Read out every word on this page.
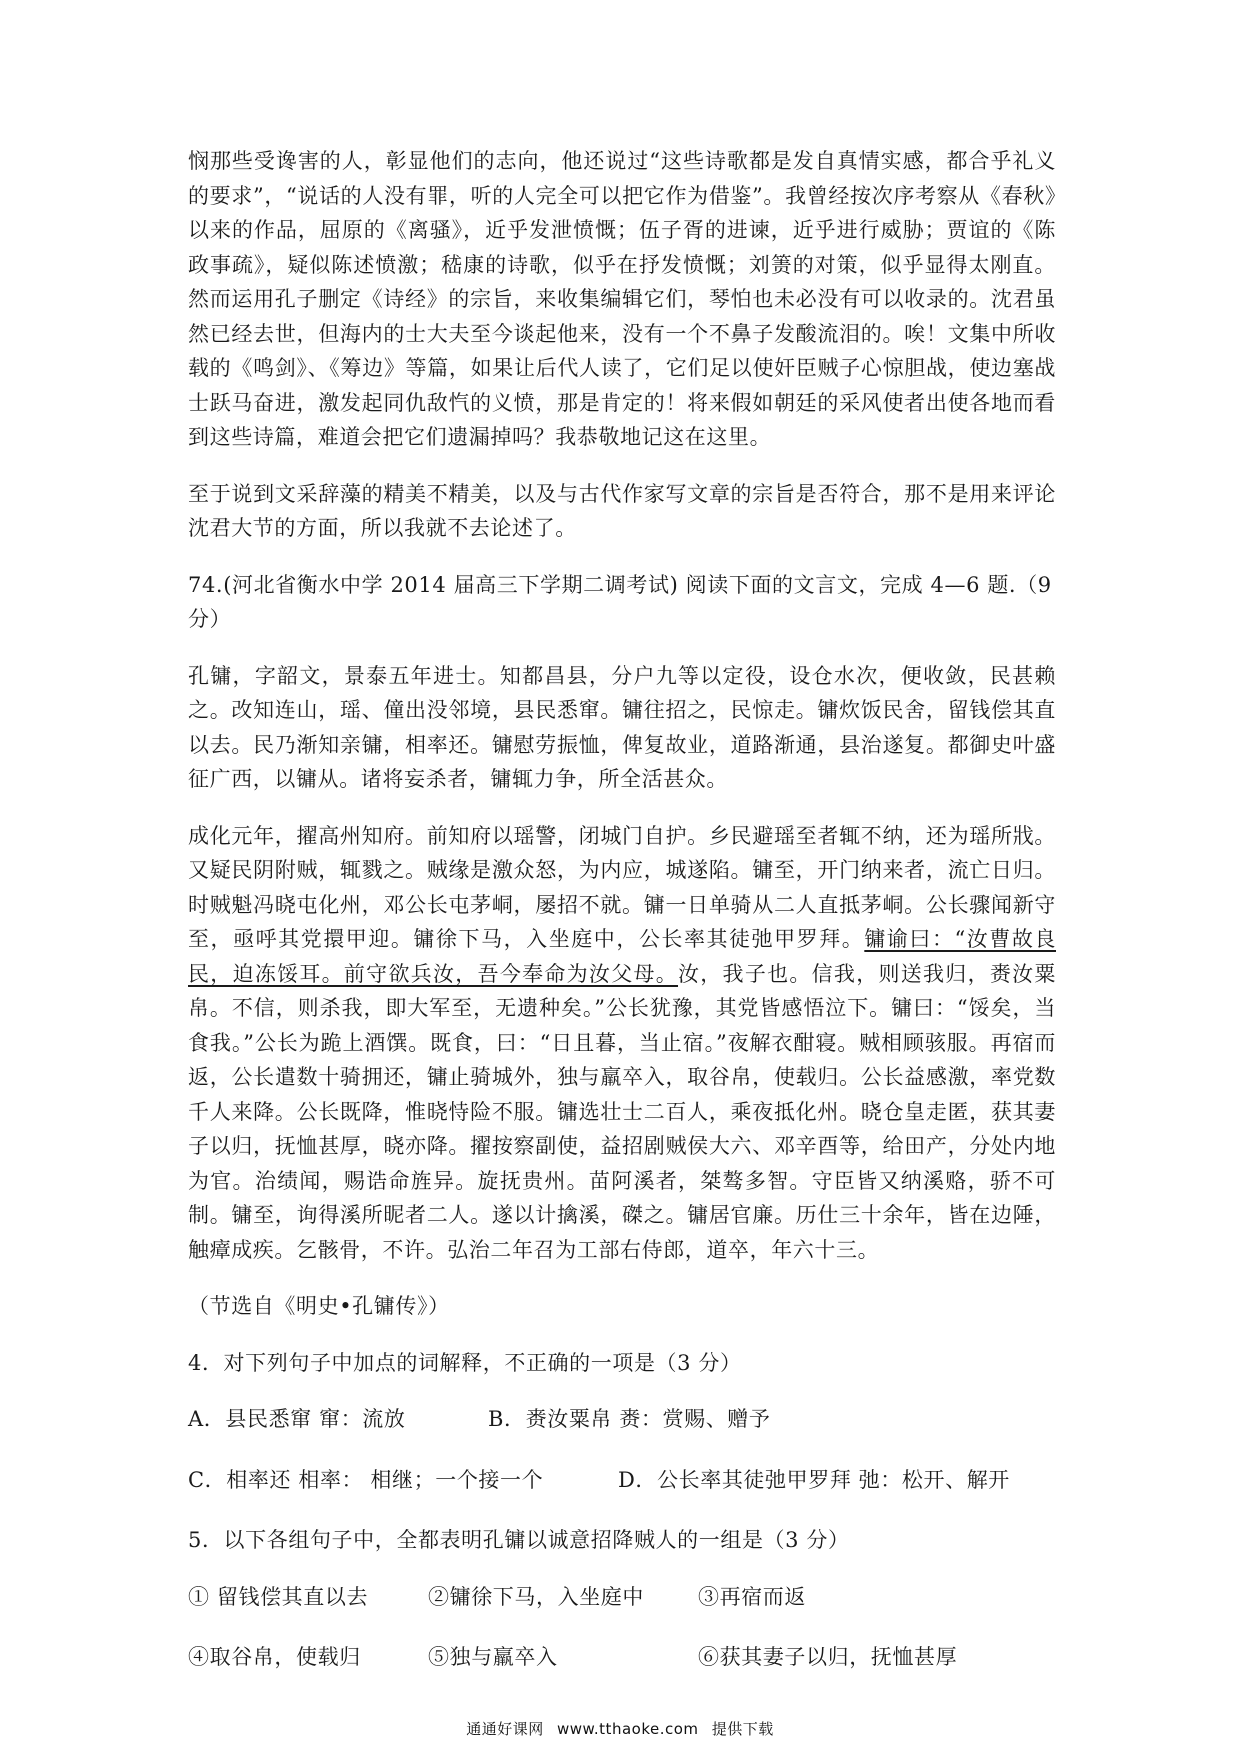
悯那些受谗害的人，彰显他们的志向，他还说过“这些诗歌都是发自真情实感，都合乎礼义的要求”，“说话的人没有罪，听的人完全可以把它作为借鉴”。我曾经按次序考察从《春秋》以来的作品，屈原的《离骚》，近乎发泄愤慨；伍子胥的进谏，近乎进行威胁；贾谊的《陈政事疏》，疑似陈述愤激；嵇康的诗歌，似乎在抒发愤慨；刘箦的对策，似乎显得太刚直。然而运用孔子删定《诗经》的宗旨，来收集编辑它们，琴怕也未必没有可以收录的。沈君虽然已经去世，但海内的士大夫至今谈起他来，没有一个不鼻子发酸流泪的。唉！文集中所收载的《鸣剑》、《筹边》等篇，如果让后代人读了，它们足以使奸臣贼子心惊胆战，使边塞战士跃马奋进，激发起同仇敌忾的义愤，那是肯定的！将来假如朝廷的采风使者出使各地而看到这些诗篇，难道会把它们遗漏掉吗？我恭敬地记这在这里。

至于说到文采辞藻的精美不精美，以及与古代作家写文章的宗旨是否符合，那不是用来评论沈君大节的方面，所以我就不去论述了。

74.(河北省衡水中学 2014 届高三下学期二调考试) 阅读下面的文言文，完成 4—6 题.（9 分）

孔镛，字韶文，景泰五年进士。知都昌县，分户九等以定役，设仓水次，便收敛，民甚赖之。改知连山，瑶、僮出没邻境，县民悉窜。镛往招之，民惊走。镛炊饭民舍，留钱偿其直以去。民乃渐知亲镛，相率还。镛慰劳振恤，俾复故业，道路渐通，县治遂复。都御史叶盛征广西，以镛从。诸将妄杀者，镛辄力争，所全活甚众。

成化元年，擢高州知府。前知府以瑶警，闭城门自护。乡民避瑶至者辄不纳，还为瑶所戕。又疑民阴附贼，辄戮之。贼缘是激众怒，为内应，城遂陷。镛至，开门纳来者，流亡日归。时贼魁冯晓屯化州，邓公长屯茅峒，屡招不就。镛一日单骑从二人直抵茅峒。公长骤闻新守至，亟呼其党擐甲迎。镛徐下马，入坐庭中，公长率其徒弛甲罗拜。镛谕曰：“汝曹故良民，迫冻馁耳。前守欲兵汝，吾今奉命为汝父母。汝，我子也。信我，则送我归，赉汝粟帛。不信，则杀我，即大军至，无遗种矣。”公长犹豫，其党皆感悟泣下。镛曰：“馁矣，当食我。”公长为跪上酒馔。既食，曰：“日且暮，当止宿。”夜解衣酣寝。贼相顾骇服。再宿而返，公长遣数十骑拥还，镛止骑城外，独与羸卒入，取谷帛，使载归。公长益感激，率党数千人来降。公长既降，惟晓恃险不服。镛选壮士二百人，乘夜抵化州。晓仓皇走匿，获其妻子以归，抚恤甚厚，晓亦降。擢按察副使，益招剧贼侯大六、邓辛酉等，给田产，分处内地为官。治绩闻，赐诰命旌异。旋抚贵州。苗阿溪者，桀骜多智。守臣皆又纳溪赂，骄不可制。镛至，询得溪所昵者二人。遂以计擒溪，磔之。镛居官廉。历仕三十余年，皆在边陲，触瘴成疾。乞骸骨，不许。弘治二年召为工部右侍郎，道卒，年六十三。

（节选自《明史•孔镛传》）

4．对下列句子中加点的词解释，不正确的一项是（3 分）

A．县民悉窜 窜：流放	B．赉汝粟帛 赉：赏赐、赠予
C．相率还 相率： 相继；一个接一个	D．公长率其徒弛甲罗拜 弛：松开、解开

5．以下各组句子中，全都表明孔镛以诚意招降贼人的一组是（3 分）

① 留钱偿其直以去	②镛徐下马，入坐庭中	③再宿而返
④取谷帛，使载归	⑤独与羸卒入	⑥获其妻子以归，抚恤甚厚
通通好课网 www.tthaoke.com 提供下载
